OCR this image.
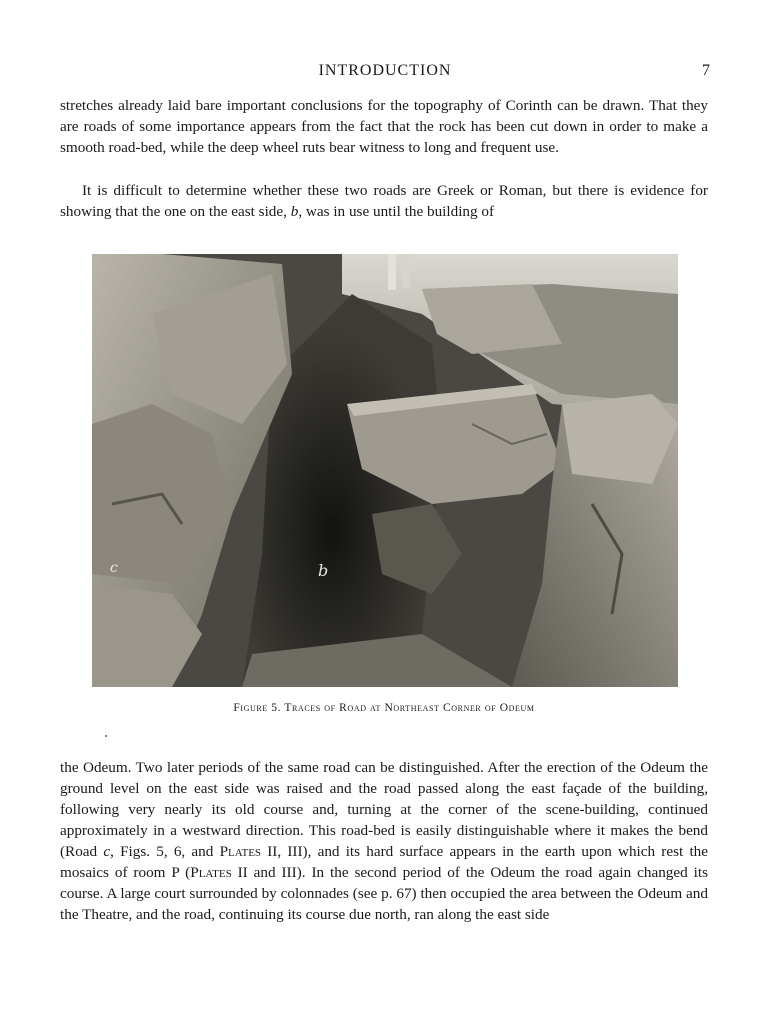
INTRODUCTION	7

stretches already laid bare important conclusions for the topography of Corinth can be drawn. That they are roads of some importance appears from the fact that the rock has been cut down in order to make a smooth road-bed, while the deep wheel ruts bear witness to long and frequent use.

It is difficult to determine whether these two roads are Greek or Roman, but there is evidence for showing that the one on the east side, b, was in use until the building of

c	b
Figure 5. Traces of Road at Northeast Corner of Odeum

the Odeum. Two later periods of the same road can be distinguished. After the erection of the Odeum the ground level on the east side was raised and the road passed along the east façade of the building, following very nearly its old course and, turning at the corner of the scene-building, continued approximately in a westward direction. This road-bed is easily distinguishable where it makes the bend (Road c, Figs. 5, 6, and Plates II, III), and its hard surface appears in the earth upon which rest the mosaics of room P (Plates II and III). In the second period of the Odeum the road again changed its course. A large court surrounded by colonnades (see p. 67) then occupied the area between the Odeum and the Theatre, and the road, continuing its course due north, ran along the east side
